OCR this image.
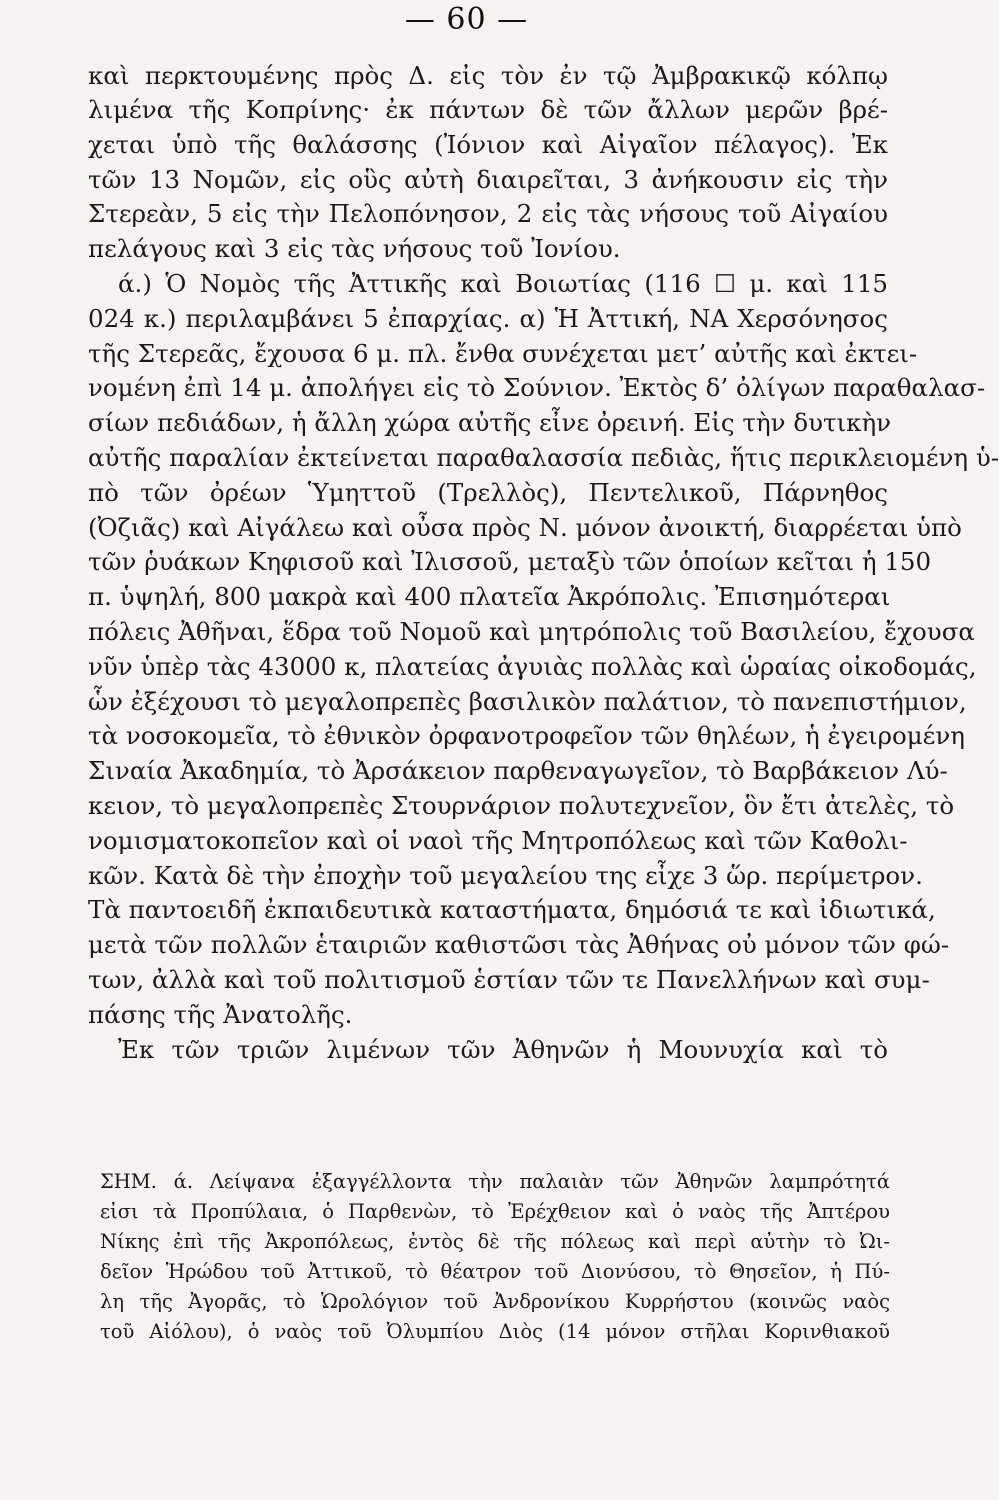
— 60 —
καὶ περκτουμένης πρὸς Δ. εἰς τὸν ἐν τῷ Ἀμβρακικῷ κόλπῳ
λιμένα τῆς Κοπρίνης· ἐκ πάντων δὲ τῶν ἄλλων μερῶν βρέ-
χεται ὑπὸ τῆς θαλάσσης (Ἰόνιον καὶ Αἰγαῖον πέλαγος). Ἐκ
τῶν 13 Νομῶν, εἰς οὓς αὐτὴ διαιρεῖται, 3 ἀνήκουσιν εἰς τὴν
Στερεὰν, 5 εἰς τὴν Πελοπόνησον, 2 εἰς τὰς νήσους τοῦ Αἰγαίου
πελάγους καὶ 3 εἰς τὰς νήσους τοῦ Ἰονίου.
ά.) Ὁ Νομὸς τῆς Ἀττικῆς καὶ Βοιωτίας (116 ☐ μ. καὶ 115
024 κ.) περιλαμβάνει 5 ἐπαρχίας. α) Ἡ Ἀττική, ΝΑ Χερσόνησος
τῆς Στερεᾶς, ἔχουσα 6 μ. πλ. ἔνθα συνέχεται μετ’ αὐτῆς καὶ ἐκτει-
νομένη ἐπὶ 14 μ. ἀπολήγει εἰς τὸ Σούνιον. Ἐκτὸς δ’ ὀλίγων παραθαλασ-
σίων πεδιάδων, ἡ ἄλλη χώρα αὐτῆς εἶνε ὀρεινή. Εἰς τὴν δυτικὴν
αὐτῆς παραλίαν ἐκτείνεται παραθαλασσία πεδιὰς, ἥτις περικλειομένη ὑ-
πὸ τῶν ὀρέων Ὑμηττοῦ (Τρελλὸς), Πεντελικοῦ, Πάρνηθος
(Ὀζιᾶς) καὶ Αἰγάλεω καὶ οὖσα πρὸς Ν. μόνον ἀνοικτή, διαρρέεται ὑπὸ
τῶν ῥυάκων Κηφισοῦ καὶ Ἰλισσοῦ, μεταξὺ τῶν ὁποίων κεῖται ἡ 150
π. ὑψηλή, 800 μακρὰ καὶ 400 πλατεῖα Ἀκρόπολις. Ἐπισημότεραι
πόλεις Ἀθῆναι, ἕδρα τοῦ Νομοῦ καὶ μητρόπολις τοῦ Βασιλείου, ἔχουσα
νῦν ὑπὲρ τὰς 43000 κ, πλατείας ἀγυιὰς πολλὰς καὶ ὡραίας οἰκοδομάς,
ὧν ἐξέχουσι τὸ μεγαλοπρεπὲς βασιλικὸν παλάτιον, τὸ πανεπιστήμιον,
τὰ νοσοκομεῖα, τὸ ἐθνικὸν ὀρφανοτροφεῖον τῶν θηλέων, ἡ ἐγειρομένη
Σιναία Ἀκαδημία, τὸ Ἀρσάκειον παρθεναγωγεῖον, τὸ Βαρβάκειον Λύ-
κειον, τὸ μεγαλοπρεπὲς Στουρνάριον πολυτεχνεῖον, ὃν ἔτι ἀτελὲς, τὸ
νομισματοκοπεῖον καὶ οἱ ναοὶ τῆς Μητροπόλεως καὶ τῶν Καθολι-
κῶν. Κατὰ δὲ τὴν ἐποχὴν τοῦ μεγαλείου της εἶχε 3 ὥρ. περίμετρον.
Τὰ παντοειδῆ ἐκπαιδευτικὰ καταστήματα, δημόσιά τε καὶ ἰδιωτικά,
μετὰ τῶν πολλῶν ἑταιριῶν καθιστῶσι τὰς Ἀθήνας οὐ μόνον τῶν φώ-
των, ἀλλὰ καὶ τοῦ πολιτισμοῦ ἑστίαν τῶν τε Πανελλήνων καὶ συμ-
πάσης τῆς Ἀνατολῆς.
Ἐκ τῶν τριῶν λιμένων τῶν Ἀθηνῶν ἡ Μουνυχία καὶ τὸ
ΣΗΜ. ά. Λείψανα ἐξαγγέλλοντα τὴν παλαιὰν τῶν Ἀθηνῶν λαμπρότητά
εἰσι τὰ Προπύλαια, ὁ Παρθενὼν, τὸ Ἐρέχθειον καὶ ὁ ναὸς τῆς Ἀπτέρου
Νίκης ἐπὶ τῆς Ἀκροπόλεως, ἐντὸς δὲ τῆς πόλεως καὶ περὶ αὐτὴν τὸ Ὠι-
δεῖον Ἡρώδου τοῦ Ἀττικοῦ, τὸ θέατρον τοῦ Διονύσου, τὸ Θησεῖον, ἡ Πύ-
λη τῆς Ἀγορᾶς, τὸ Ὡρολόγιον τοῦ Ἀνδρονίκου Κυρρήστου (κοινῶς ναὸς
τοῦ Αἰόλου), ὁ ναὸς τοῦ Ὀλυμπίου Διὸς (14 μόνον στῆλαι Κορινθιακοῦ
